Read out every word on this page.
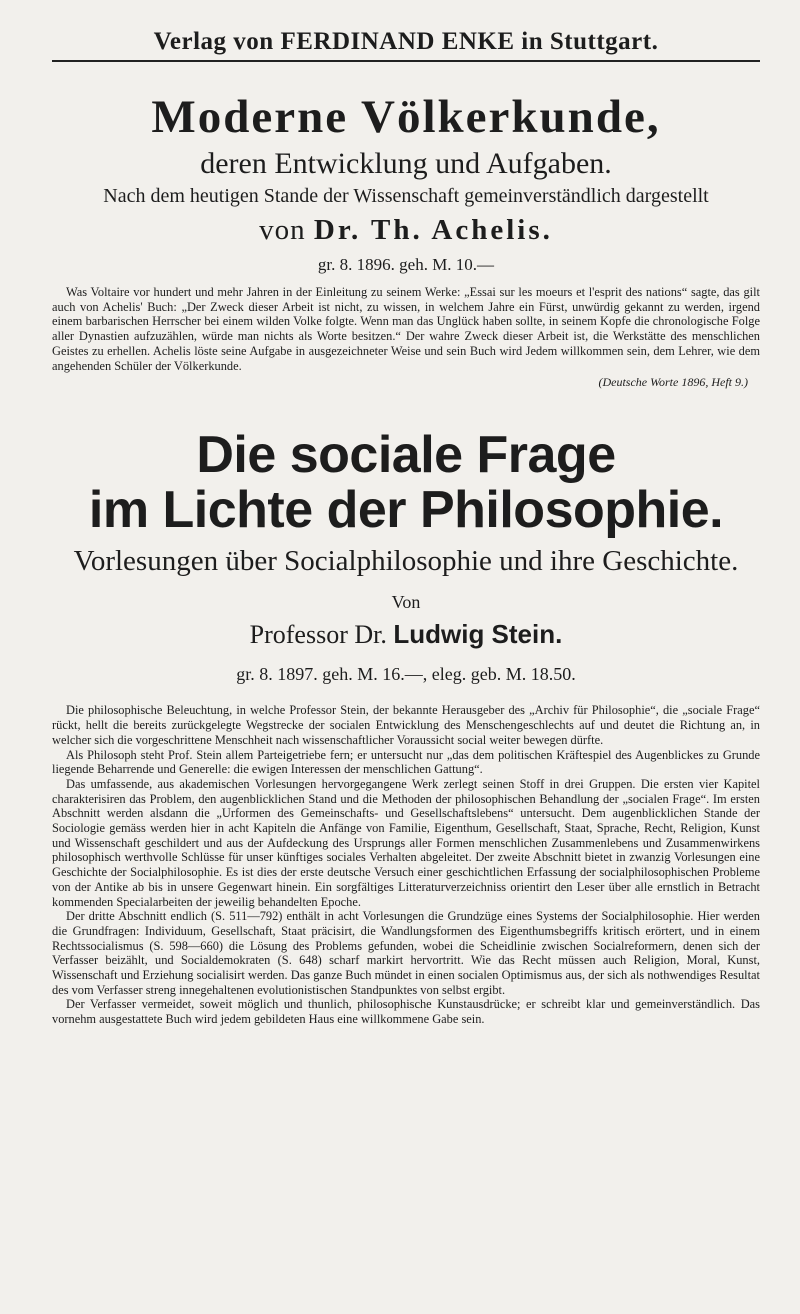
Verlag von FERDINAND ENKE in Stuttgart.

Moderne Völkerkunde,

deren Entwicklung und Aufgaben.

Nach dem heutigen Stande der Wissenschaft gemeinverständlich dargestellt

von Dr. Th. Achelis.

gr. 8. 1896. geh. M. 10.—

Was Voltaire vor hundert und mehr Jahren in der Einleitung zu seinem Werke: „Essai sur les moeurs et l'esprit des nations“ sagte, das gilt auch von Achelis' Buch: „Der Zweck dieser Arbeit ist nicht, zu wissen, in welchem Jahre ein Fürst, unwürdig gekannt zu werden, irgend einem barbarischen Herrscher bei einem wilden Volke folgte. Wenn man das Unglück haben sollte, in seinem Kopfe die chronologische Folge aller Dynastien aufzuzählen, würde man nichts als Worte besitzen.“ Der wahre Zweck dieser Arbeit ist, die Werkstätte des menschlichen Geistes zu erhellen. Achelis löste seine Aufgabe in ausgezeichneter Weise und sein Buch wird Jedem willkommen sein, dem Lehrer, wie dem angehenden Schüler der Völkerkunde.

(Deutsche Worte 1896, Heft 9.)

Die sociale Frage
im Lichte der Philosophie.

Vorlesungen über Socialphilosophie und ihre Geschichte.

Von

Professor Dr. Ludwig Stein.

gr. 8. 1897. geh. M. 16.—, eleg. geb. M. 18.50.

Die philosophische Beleuchtung, in welche Professor Stein, der bekannte Herausgeber des „Archiv für Philosophie“, die „sociale Frage“ rückt, hellt die bereits zurückgelegte Wegstrecke der socialen Entwicklung des Menschengeschlechts auf und deutet die Richtung an, in welcher sich die vorgeschrittene Menschheit nach wissenschaftlicher Voraussicht social weiter bewegen dürfte.

Als Philosoph steht Prof. Stein allem Parteigetriebe fern; er untersucht nur „das dem politischen Kräftespiel des Augenblickes zu Grunde liegende Beharrende und Generelle: die ewigen Interessen der menschlichen Gattung“.

Das umfassende, aus akademischen Vorlesungen hervorgegangene Werk zerlegt seinen Stoff in drei Gruppen. Die ersten vier Kapitel charakterisiren das Problem, den augenblicklichen Stand und die Methoden der philosophischen Behandlung der „socialen Frage“. Im ersten Abschnitt werden alsdann die „Urformen des Gemeinschafts- und Gesellschaftslebens“ untersucht. Dem augenblicklichen Stande der Sociologie gemäss werden hier in acht Kapiteln die Anfänge von Familie, Eigenthum, Gesellschaft, Staat, Sprache, Recht, Religion, Kunst und Wissenschaft geschildert und aus der Aufdeckung des Ursprungs aller Formen menschlichen Zusammenlebens und Zusammenwirkens philosophisch werthvolle Schlüsse für unser künftiges sociales Verhalten abgeleitet. Der zweite Abschnitt bietet in zwanzig Vorlesungen eine Geschichte der Socialphilosophie. Es ist dies der erste deutsche Versuch einer geschichtlichen Erfassung der socialphilosophischen Probleme von der Antike ab bis in unsere Gegenwart hinein. Ein sorgfältiges Litteraturverzeichniss orientirt den Leser über alle ernstlich in Betracht kommenden Specialarbeiten der jeweilig behandelten Epoche.

Der dritte Abschnitt endlich (S. 511—792) enthält in acht Vorlesungen die Grundzüge eines Systems der Socialphilosophie. Hier werden die Grundfragen: Individuum, Gesellschaft, Staat präcisirt, die Wandlungsformen des Eigenthumsbegriffs kritisch erörtert, und in einem Rechtssocialismus (S. 598—660) die Lösung des Problems gefunden, wobei die Scheidlinie zwischen Socialreformern, denen sich der Verfasser beizählt, und Socialdemokraten (S. 648) scharf markirt hervortritt. Wie das Recht müssen auch Religion, Moral, Kunst, Wissenschaft und Erziehung socialisirt werden. Das ganze Buch mündet in einen socialen Optimismus aus, der sich als nothwendiges Resultat des vom Verfasser streng innegehaltenen evolutionistischen Standpunktes von selbst ergibt.

Der Verfasser vermeidet, soweit möglich und thunlich, philosophische Kunstausdrücke; er schreibt klar und gemeinverständlich. Das vornehm ausgestattete Buch wird jedem gebildeten Haus eine willkommene Gabe sein.
